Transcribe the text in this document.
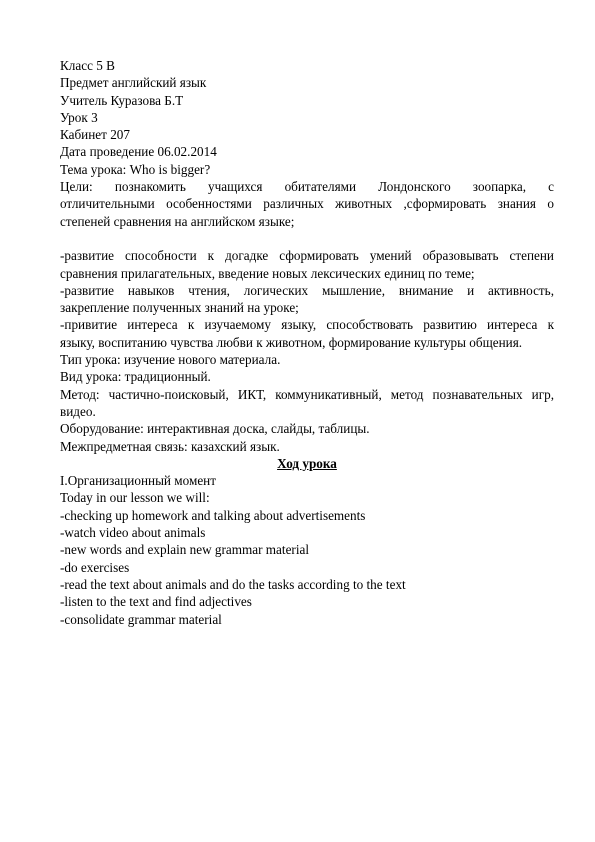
Класс 5 В
Предмет английский язык
Учитель Куразова Б.Т
Урок 3
Кабинет 207
Дата проведение 06.02.2014
Тема урока: Who is bigger?
Цели: познакомить учащихся обитателями Лондонского зоопарка, с
отличительными особенностями различных животных ,сформировать знания о
степеней сравнения на английском языке;
-развитие способности к догадке сформировать умений образовывать степени
сравнения прилагательных, введение новых лексических единиц по теме;
-развитие навыков чтения, логических мышление, внимание и активность,
закрепление полученных знаний на уроке;
-привитие интереса к изучаемому языку, способствовать развитию интереса к
языку, воспитанию чувства любви к животном, формирование культуры общения.
Тип урока: изучение нового материала.
Вид урока: традиционный.
Метод: частично-поисковый, ИКТ, коммуникативный, метод познавательных игр,
видео.
Оборудование: интерактивная доска, слайды, таблицы.
Межпредметная связь: казахский язык.
Ход урока
I.Организационный момент
Today in our lesson we will:
-checking up homework and talking about advertisements
-watch video about animals
-new words and explain new grammar material
-do exercises
-read the text about animals and do the tasks according to the text
-listen to the text and find adjectives
-consolidate grammar material
